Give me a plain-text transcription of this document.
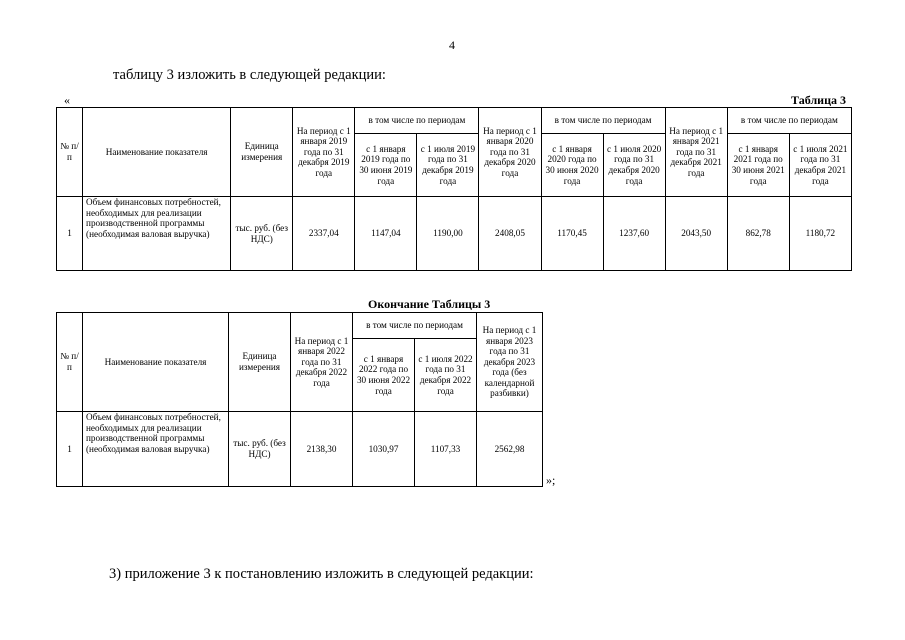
4
таблицу 3 изложить в следующей редакции:
«	Таблица 3
№ п/п	Наименование показателя	Единица измерения	На период с 1 января 2019 года по 31 декабря 2019 года	в том числе по периодам		На период с 1 января 2020 года по 31 декабря 2020 года	в том числе по периодам		На период с 1 января 2021 года по 31 декабря 2021 года	в том числе по периодам	
				с 1 января 2019 года по 30 июня 2019 года	с 1 июля 2019 года по 31 декабря 2019 года		с 1 января 2020 года по 30 июня 2020 года	с 1 июля 2020 года по 31 декабря 2020 года		с 1 января 2021 года по 30 июня 2021 года	с 1 июля 2021 года по 31 декабря 2021 года
1	Объем финансовых потребностей, необходимых для реализации производственной программы (необходимая валовая выручка)	тыс. руб. (без НДС)	2337,04	1147,04	1190,00	2408,05	1170,45	1237,60	2043,50	862,78	1180,72
Окончание Таблицы 3
№ п/п	Наименование показателя	Единица измерения	На период с 1 января 2022 года по 31 декабря 2022 года	в том числе по периодам		На период с 1 января 2023 года по 31 декабря 2023 года (без календарной разбивки)
				с 1 января 2022 года по 30 июня 2022 года	с 1 июля 2022 года по 31 декабря 2022 года	
1	Объем финансовых потребностей, необходимых для реализации производственной программы (необходимая валовая выручка)	тыс. руб. (без НДС)	2138,30	1030,97	1107,33	2562,98
»;
3) приложение 3 к постановлению изложить в следующей редакции:
